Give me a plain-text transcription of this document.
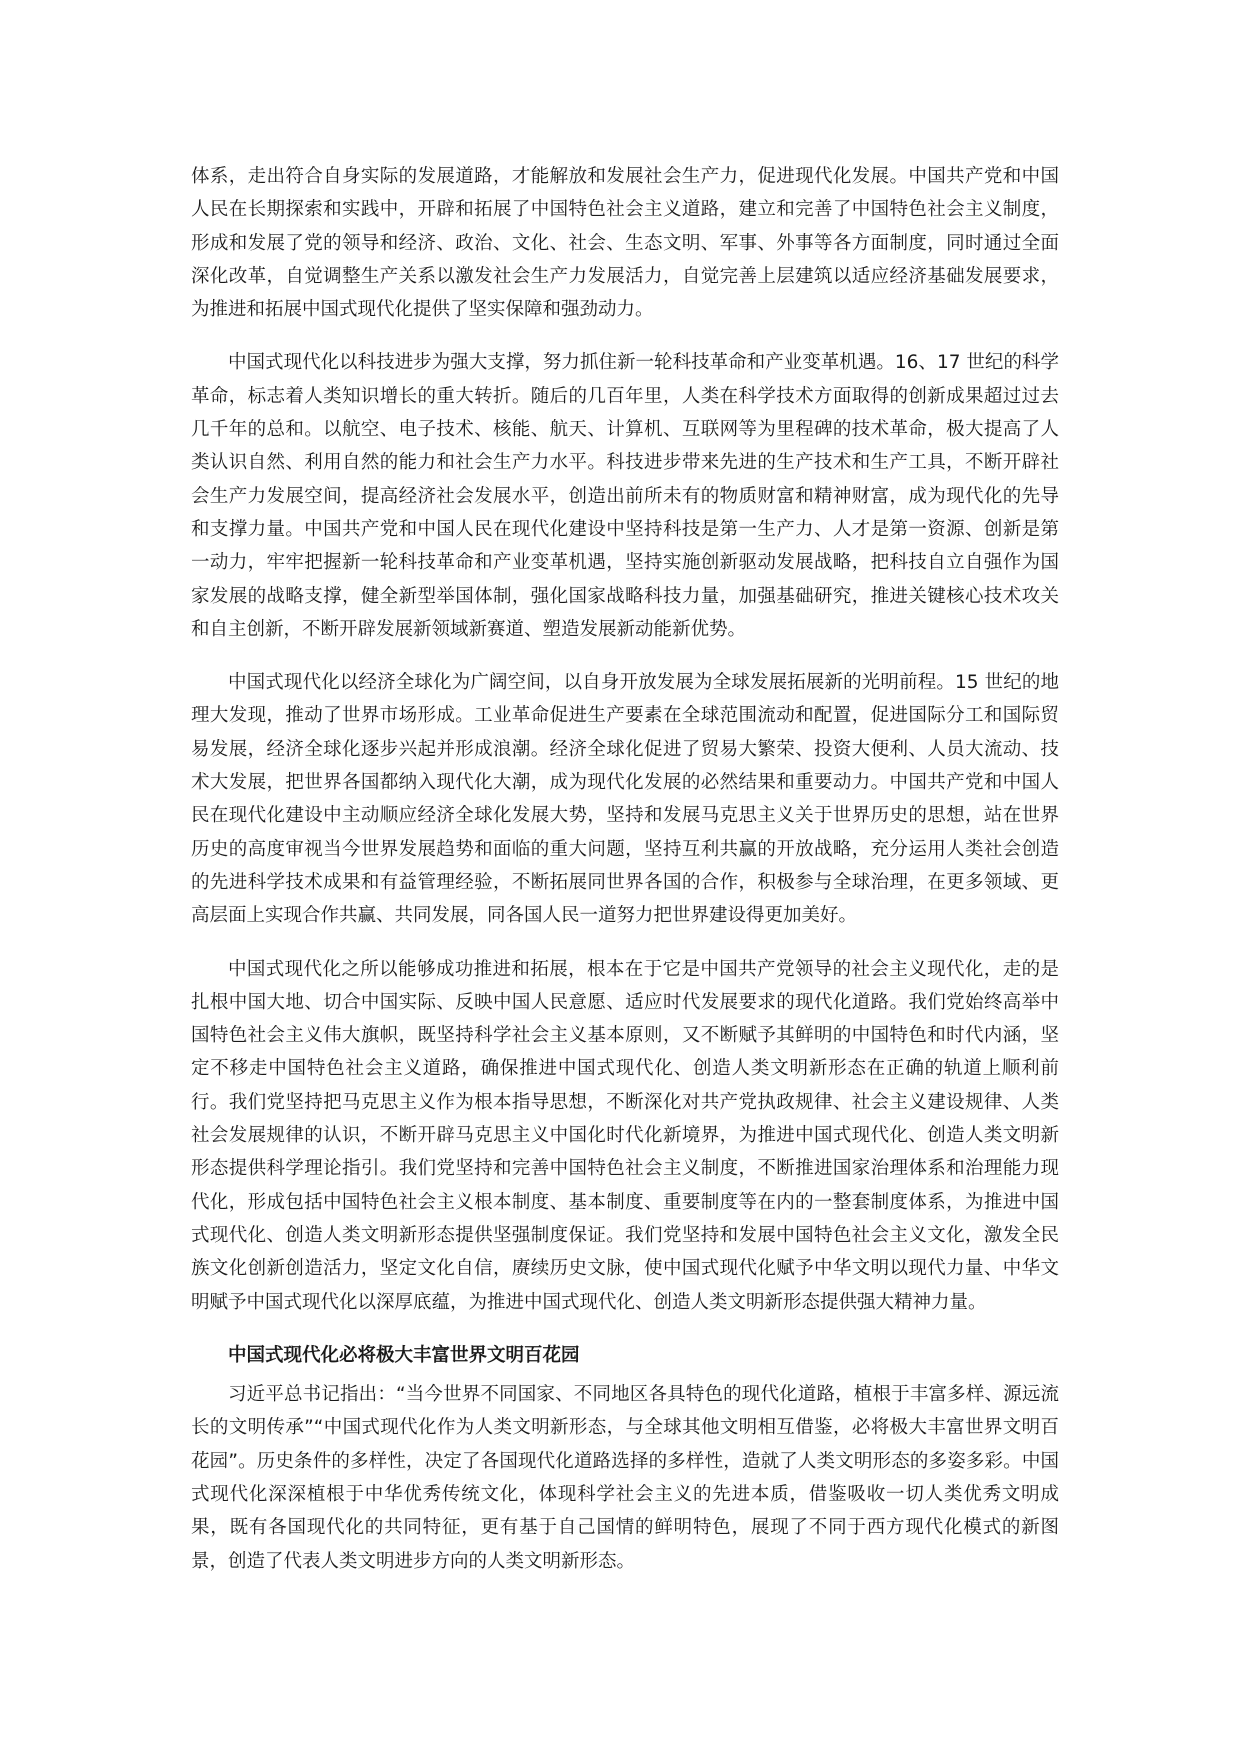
体系，走出符合自身实际的发展道路，才能解放和发展社会生产力，促进现代化发展。中国共产党和中国人民在长期探索和实践中，开辟和拓展了中国特色社会主义道路，建立和完善了中国特色社会主义制度，形成和发展了党的领导和经济、政治、文化、社会、生态文明、军事、外事等各方面制度，同时通过全面深化改革，自觉调整生产关系以激发社会生产力发展活力，自觉完善上层建筑以适应经济基础发展要求，为推进和拓展中国式现代化提供了坚实保障和强劲动力。

中国式现代化以科技进步为强大支撑，努力抓住新一轮科技革命和产业变革机遇。16、17 世纪的科学革命，标志着人类知识增长的重大转折。随后的几百年里，人类在科学技术方面取得的创新成果超过过去几千年的总和。以航空、电子技术、核能、航天、计算机、互联网等为里程碑的技术革命，极大提高了人类认识自然、利用自然的能力和社会生产力水平。科技进步带来先进的生产技术和生产工具，不断开辟社会生产力发展空间，提高经济社会发展水平，创造出前所未有的物质财富和精神财富，成为现代化的先导和支撑力量。中国共产党和中国人民在现代化建设中坚持科技是第一生产力、人才是第一资源、创新是第一动力，牢牢把握新一轮科技革命和产业变革机遇，坚持实施创新驱动发展战略，把科技自立自强作为国家发展的战略支撑，健全新型举国体制，强化国家战略科技力量，加强基础研究，推进关键核心技术攻关和自主创新，不断开辟发展新领域新赛道、塑造发展新动能新优势。

中国式现代化以经济全球化为广阔空间，以自身开放发展为全球发展拓展新的光明前程。15 世纪的地理大发现，推动了世界市场形成。工业革命促进生产要素在全球范围流动和配置，促进国际分工和国际贸易发展，经济全球化逐步兴起并形成浪潮。经济全球化促进了贸易大繁荣、投资大便利、人员大流动、技术大发展，把世界各国都纳入现代化大潮，成为现代化发展的必然结果和重要动力。中国共产党和中国人民在现代化建设中主动顺应经济全球化发展大势，坚持和发展马克思主义关于世界历史的思想，站在世界历史的高度审视当今世界发展趋势和面临的重大问题，坚持互利共赢的开放战略，充分运用人类社会创造的先进科学技术成果和有益管理经验，不断拓展同世界各国的合作，积极参与全球治理，在更多领域、更高层面上实现合作共赢、共同发展，同各国人民一道努力把世界建设得更加美好。

中国式现代化之所以能够成功推进和拓展，根本在于它是中国共产党领导的社会主义现代化，走的是扎根中国大地、切合中国实际、反映中国人民意愿、适应时代发展要求的现代化道路。我们党始终高举中国特色社会主义伟大旗帜，既坚持科学社会主义基本原则，又不断赋予其鲜明的中国特色和时代内涵，坚定不移走中国特色社会主义道路，确保推进中国式现代化、创造人类文明新形态在正确的轨道上顺利前行。我们党坚持把马克思主义作为根本指导思想，不断深化对共产党执政规律、社会主义建设规律、人类社会发展规律的认识，不断开辟马克思主义中国化时代化新境界，为推进中国式现代化、创造人类文明新形态提供科学理论指引。我们党坚持和完善中国特色社会主义制度，不断推进国家治理体系和治理能力现代化，形成包括中国特色社会主义根本制度、基本制度、重要制度等在内的一整套制度体系，为推进中国式现代化、创造人类文明新形态提供坚强制度保证。我们党坚持和发展中国特色社会主义文化，激发全民族文化创新创造活力，坚定文化自信，赓续历史文脉，使中国式现代化赋予中华文明以现代力量、中华文明赋予中国式现代化以深厚底蕴，为推进中国式现代化、创造人类文明新形态提供强大精神力量。

中国式现代化必将极大丰富世界文明百花园

习近平总书记指出：“当今世界不同国家、不同地区各具特色的现代化道路，植根于丰富多样、源远流长的文明传承”“中国式现代化作为人类文明新形态，与全球其他文明相互借鉴，必将极大丰富世界文明百花园”。历史条件的多样性，决定了各国现代化道路选择的多样性，造就了人类文明形态的多姿多彩。中国式现代化深深植根于中华优秀传统文化，体现科学社会主义的先进本质，借鉴吸收一切人类优秀文明成果，既有各国现代化的共同特征，更有基于自己国情的鲜明特色，展现了不同于西方现代化模式的新图景，创造了代表人类文明进步方向的人类文明新形态。
